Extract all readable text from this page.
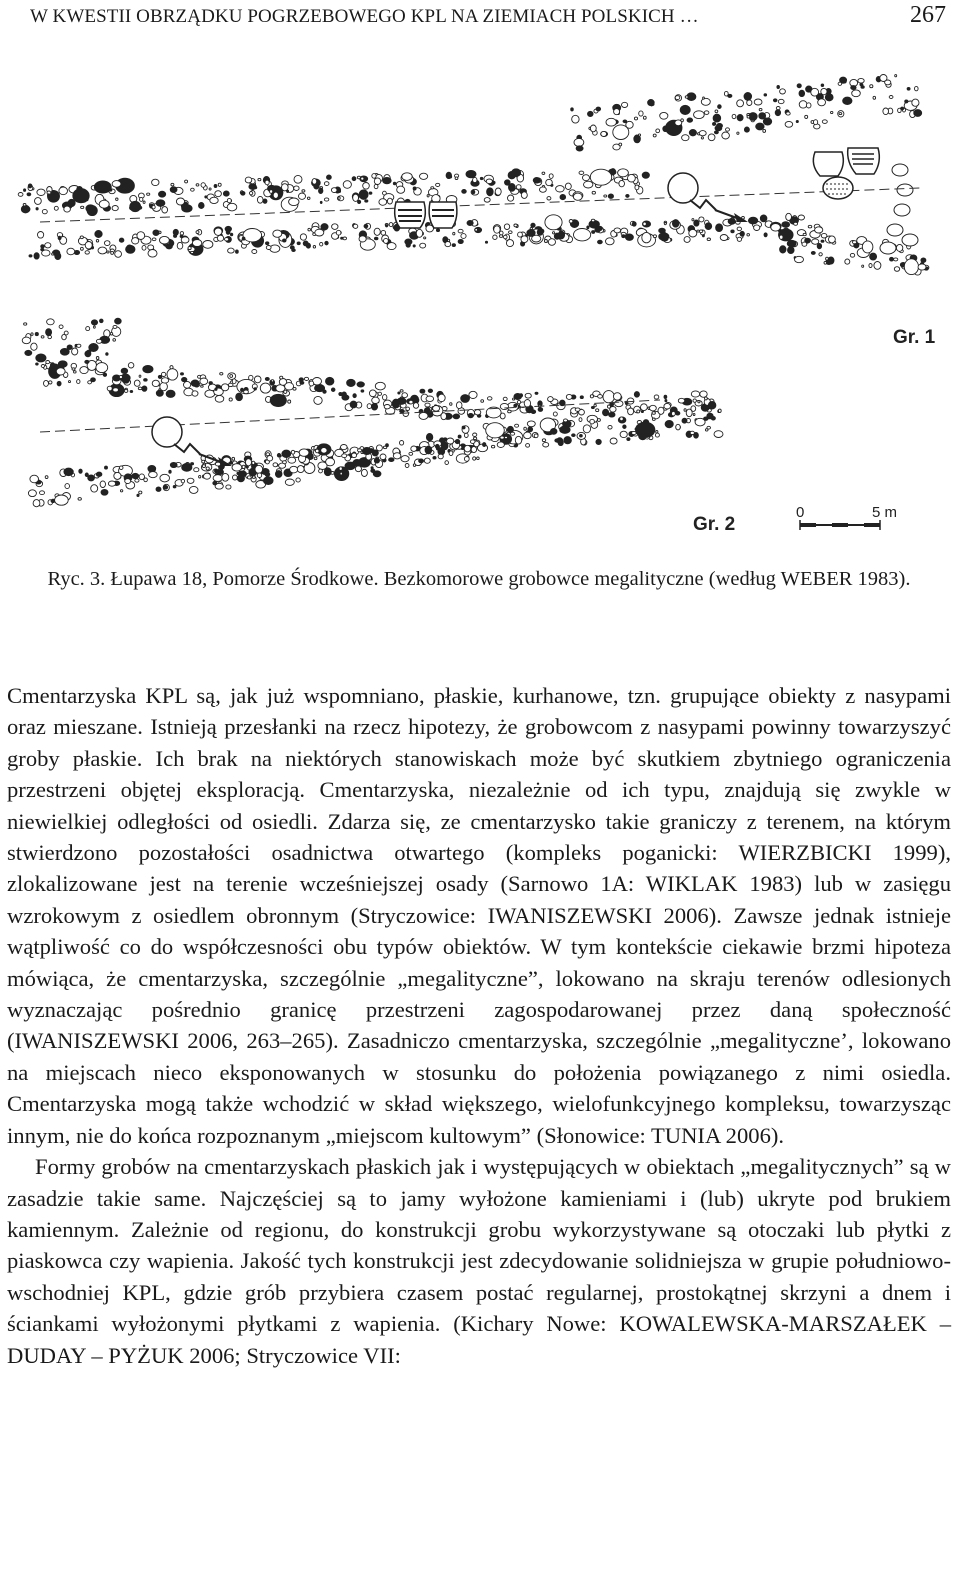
W KWESTII OBRZĄDKU POGRZEBOWEGO KPL NA ZIEMIACH POLSKICH …	267
Gr. 1
Gr. 2
0	5 m
Ryc. 3. Łupawa 18, Pomorze Środkowe. Bezkomorowe grobowce megalityczne (według WEBER 1983).

Cmentarzyska KPL są, jak już wspomniano, płaskie, kurhanowe, tzn. grupujące obiekty z nasypami oraz mieszane. Istnieją przesłanki na rzecz hipotezy, że grobowcom z nasypami powinny towarzyszyć groby płaskie. Ich brak na niektórych stanowiskach może być skutkiem zbytniego ograniczenia przestrzeni objętej eksploracją. Cmentarzyska, niezależnie od ich typu, znajdują się zwykle w niewielkiej odległości od osiedli. Zdarza się, ze cmentarzysko takie graniczy z terenem, na którym stwierdzono pozostałości osadnictwa otwartego (kompleks poganicki: WIERZBICKI 1999), zlokalizowane jest na terenie wcześniejszej osady (Sarnowo 1A: WIKLAK 1983) lub w zasięgu wzrokowym z osiedlem obronnym (Stryczowice: IWANISZEWSKI 2006). Zawsze jednak istnieje wątpliwość co do współczesności obu typów obiektów. W tym kontekście ciekawie brzmi hipoteza mówiąca, że cmentarzyska, szczególnie „megalityczne”, lokowano na skraju terenów odlesionych wyznaczając pośrednio granicę przestrzeni zagospodarowanej przez daną społeczność (IWANISZEWSKI 2006, 263–265). Zasadniczo cmentarzyska, szczególnie „megalityczne’, lokowano na miejscach nieco eksponowanych w stosunku do położenia powiązanego z nimi osiedla. Cmentarzyska mogą także wchodzić w skład większego, wielofunkcyjnego kompleksu, towarzysząc innym, nie do końca rozpoznanym „miejscom kultowym” (Słonowice: TUNIA 2006).

Formy grobów na cmentarzyskach płaskich jak i występujących w obiektach „megalitycznych” są w zasadzie takie same. Najczęściej są to jamy wyłożone kamieniami i (lub) ukryte pod brukiem kamiennym. Zależnie od regionu, do konstrukcji grobu wykorzystywane są otoczaki lub płytki z piaskowca czy wapienia. Jakość tych konstrukcji jest zdecydowanie solidniejsza w grupie południowo-wschodniej KPL, gdzie grób przybiera czasem postać regularnej, prostokątnej skrzyni a dnem i ściankami wyłożonymi płytkami z wapienia. (Kichary Nowe: KOWALEWSKA-MARSZAŁEK – DUDAY – PYŻUK 2006; Stryczowice VII:
